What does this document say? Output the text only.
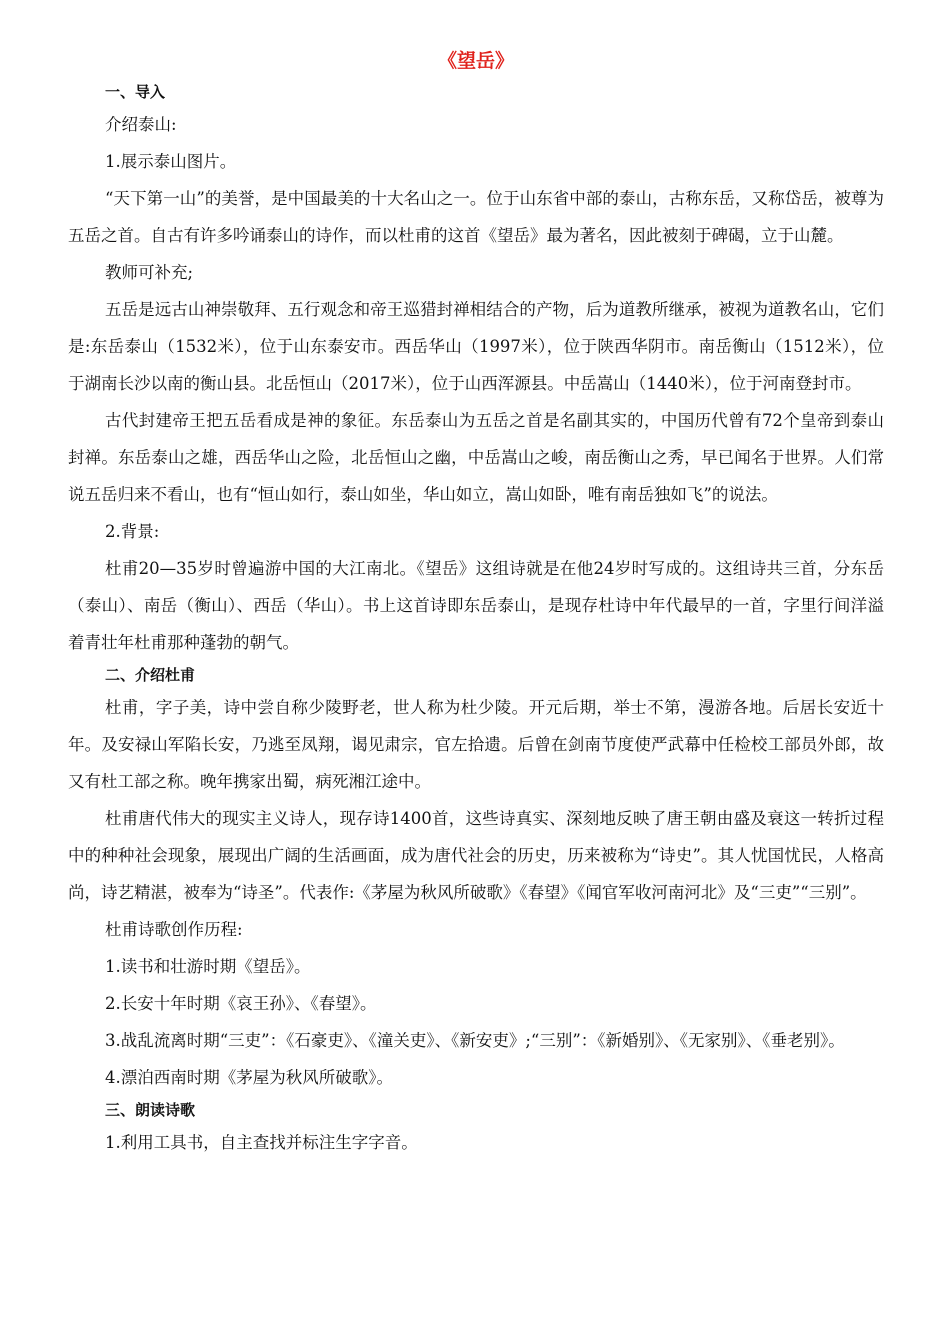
《望岳》
一、导入

介绍泰山:

1.展示泰山图片。

“天下第一山”的美誉，是中国最美的十大名山之一。位于山东省中部的泰山，古称东岳，又称岱岳，被尊为五岳之首。自古有许多吟诵泰山的诗作，而以杜甫的这首《望岳》最为著名，因此被刻于碑碣，立于山麓。

教师可补充;

五岳是远古山神崇敬拜、五行观念和帝王巡猎封禅相结合的产物，后为道教所继承，被视为道教名山，它们是:东岳泰山（1532米），位于山东泰安市。西岳华山（1997米），位于陕西华阴市。南岳衡山（1512米），位于湖南长沙以南的衡山县。北岳恒山（2017米），位于山西浑源县。中岳嵩山（1440米），位于河南登封市。

古代封建帝王把五岳看成是神的象征。东岳泰山为五岳之首是名副其实的，中国历代曾有72个皇帝到泰山封禅。东岳泰山之雄，西岳华山之险，北岳恒山之幽，中岳嵩山之峻，南岳衡山之秀，早已闻名于世界。人们常说五岳归来不看山，也有“恒山如行，泰山如坐，华山如立，嵩山如卧，唯有南岳独如飞”的说法。

2.背景:

杜甫20—35岁时曾遍游中国的大江南北。《望岳》这组诗就是在他24岁时写成的。这组诗共三首，分东岳（泰山）、南岳（衡山）、西岳（华山）。书上这首诗即东岳泰山，是现存杜诗中年代最早的一首，字里行间洋溢着青壮年杜甫那种蓬勃的朝气。

二、介绍杜甫

杜甫，字子美，诗中尝自称少陵野老，世人称为杜少陵。开元后期，举士不第，漫游各地。后居长安近十年。及安禄山军陷长安，乃逃至凤翔，谒见肃宗，官左拾遗。后曾在剑南节度使严武幕中任检校工部员外郎，故又有杜工部之称。晚年携家出蜀，病死湘江途中。

杜甫唐代伟大的现实主义诗人，现存诗1400首，这些诗真实、深刻地反映了唐王朝由盛及衰这一转折过程中的种种社会现象，展现出广阔的生活画面，成为唐代社会的历史，历来被称为“诗史”。其人忧国忧民，人格高尚，诗艺精湛，被奉为“诗圣”。代表作:《茅屋为秋风所破歌》《春望》《闻官军收河南河北》及“三吏”“三别”。

杜甫诗歌创作历程:

1.读书和壮游时期《望岳》。

2.长安十年时期《哀王孙》、《春望》。

3.战乱流离时期“三吏”：《石豪吏》、《潼关吏》、《新安吏》;“三别”：《新婚别》、《无家别》、《垂老别》。

4.漂泊西南时期《茅屋为秋风所破歌》。

三、朗读诗歌

1.利用工具书，自主查找并标注生字字音。
